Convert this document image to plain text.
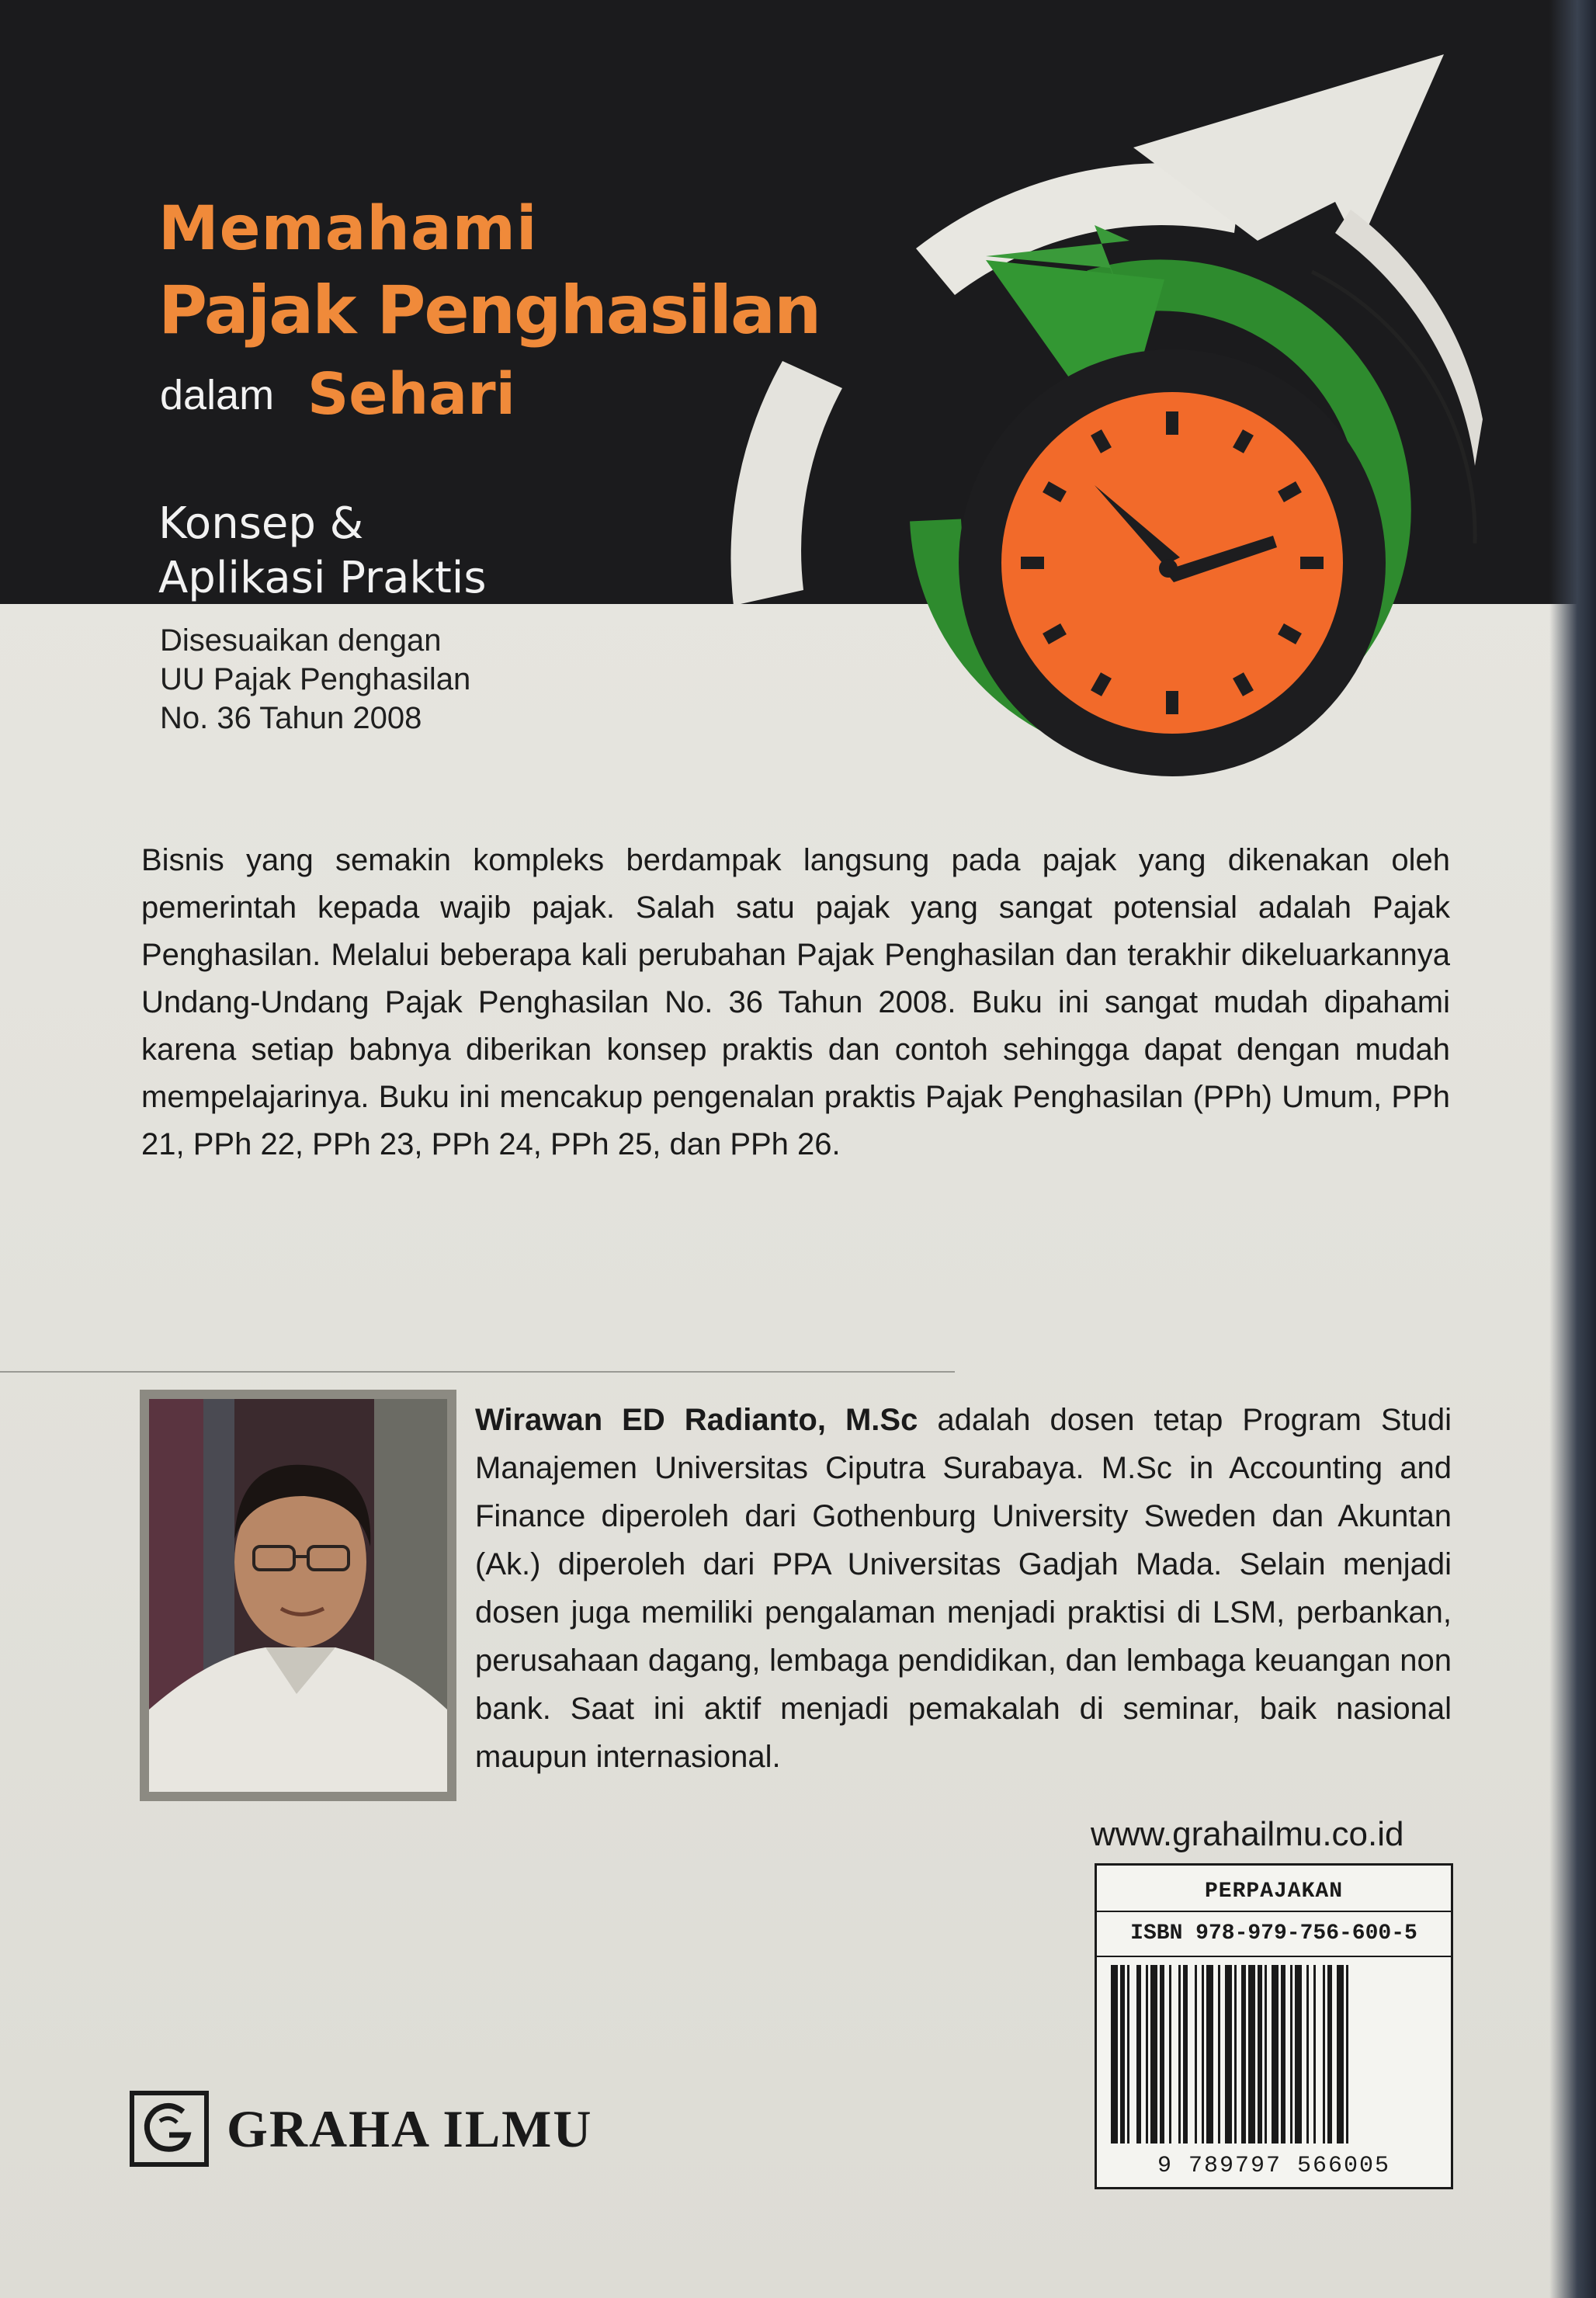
Memahami
Pajak Penghasilan
dalam Sehari
Konsep &
Aplikasi Praktis
Disesuaikan dengan
UU Pajak Penghasilan
No. 36 Tahun 2008

Bisnis yang semakin kompleks berdampak langsung pada pajak yang dikenakan oleh pemerintah kepada wajib pajak. Salah satu pajak yang sangat potensial adalah Pajak Penghasilan. Melalui beberapa kali perubahan Pajak Penghasilan dan terakhir dikeluarkannya Undang-Undang Pajak Penghasilan No. 36 Tahun 2008. Buku ini sangat mudah dipahami karena setiap babnya diberikan konsep praktis dan contoh sehingga dapat dengan mudah mempelajarinya. Buku ini mencakup pengenalan praktis Pajak Penghasilan (PPh) Umum, PPh 21, PPh 22, PPh 23, PPh 24, PPh 25, dan PPh 26.

Wirawan ED Radianto, M.Sc adalah dosen tetap Program Studi Manajemen Universitas Ciputra Surabaya. M.Sc in Accounting and Finance diperoleh dari Gothenburg University Sweden dan Akuntan (Ak.) diperoleh dari PPA Universitas Gadjah Mada. Selain menjadi dosen juga memiliki pengalaman menjadi praktisi di LSM, perbankan, perusahaan dagang, lembaga pendidikan, dan lembaga keuangan non bank. Saat ini aktif menjadi pemakalah di seminar, baik nasional maupun internasional.

www.grahailmu.co.id
PERPAJAKAN
ISBN 978-979-756-600-5
9 789797 566005
GRAHA ILMU
